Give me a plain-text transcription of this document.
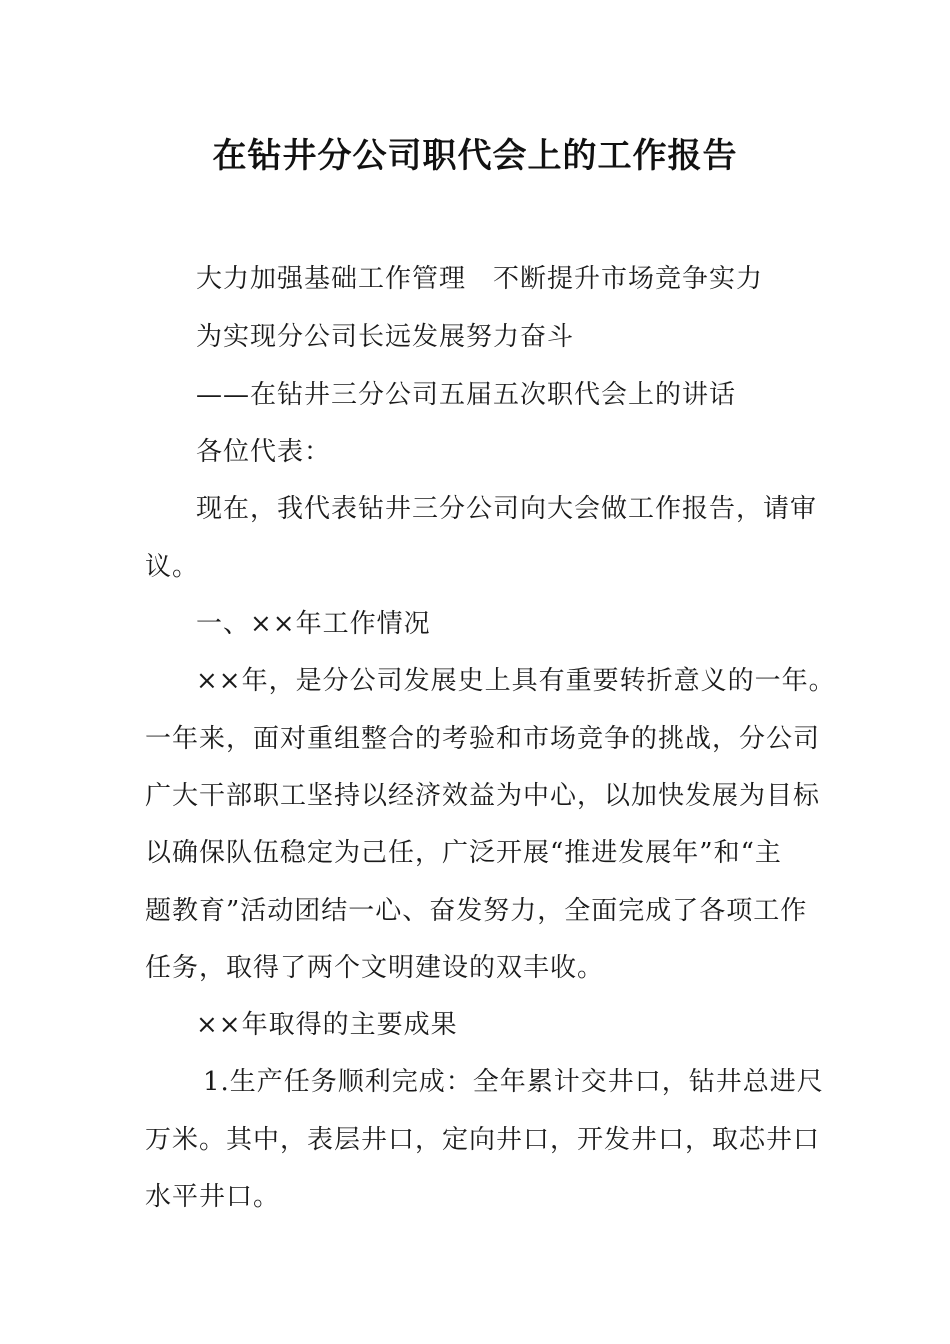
在钻井分公司职代会上的工作报告
大力加强基础工作管理　不断提升市场竞争实力
为实现分公司长远发展努力奋斗
——在钻井三分公司五届五次职代会上的讲话
各位代表：
现在，我代表钻井三分公司向大会做工作报告，请审
议。
一、××年工作情况
××年，是分公司发展史上具有重要转折意义的一年。
一年来，面对重组整合的考验和市场竞争的挑战，分公司
广大干部职工坚持以经济效益为中心，以加快发展为目标
以确保队伍稳定为己任，广泛开展“推进发展年”和“主
题教育”活动团结一心、奋发努力，全面完成了各项工作
任务，取得了两个文明建设的双丰收。
××年取得的主要成果
1.生产任务顺利完成：全年累计交井口，钻井总进尺
万米。其中，表层井口，定向井口，开发井口，取芯井口
水平井口。
